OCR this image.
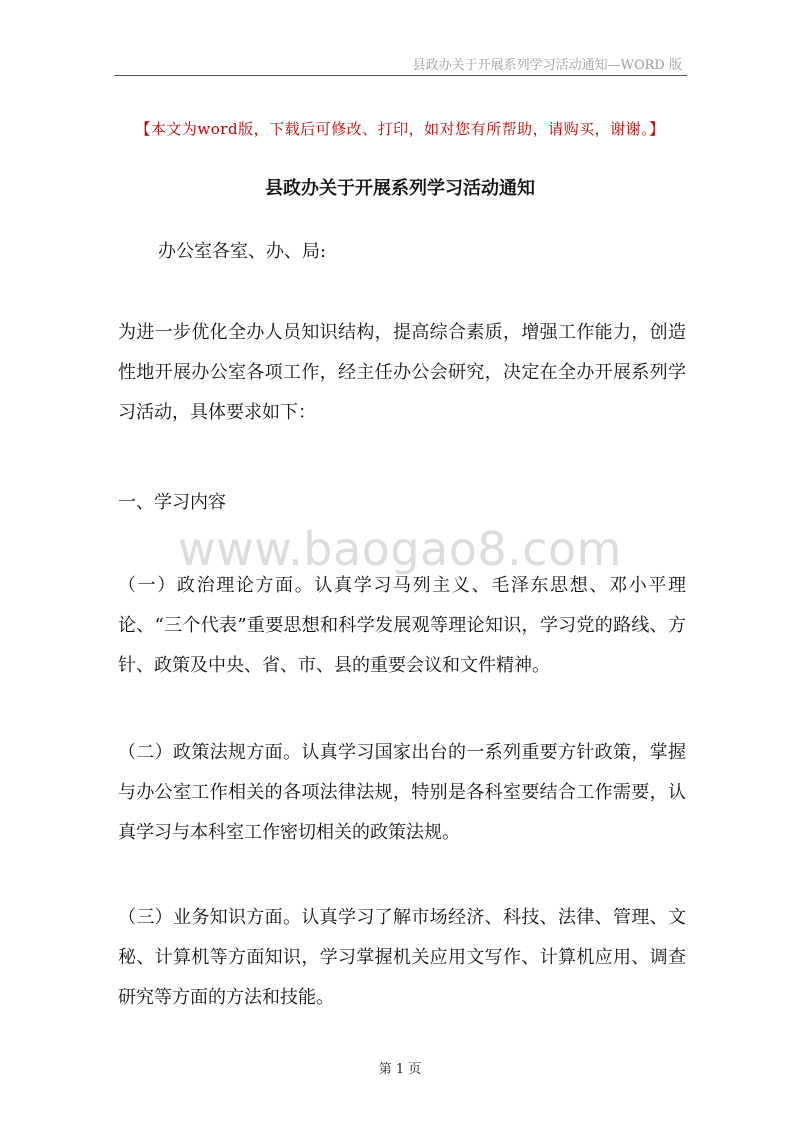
县政办关于开展系列学习活动通知—WORD 版
【本文为word版，下载后可修改、打印，如对您有所帮助，请购买，谢谢。】
县政办关于开展系列学习活动通知

办公室各室、办、局:

为进一步优化全办人员知识结构，提高综合素质，增强工作能力，创造性地开展办公室各项工作，经主任办公会研究，决定在全办开展系列学习活动，具体要求如下：

一、学习内容

www.baogao8.com

（一）政治理论方面。认真学习马列主义、毛泽东思想、邓小平理论、“三个代表”重要思想和科学发展观等理论知识，学习党的路线、方针、政策及中央、省、市、县的重要会议和文件精神。

（二）政策法规方面。认真学习国家出台的一系列重要方针政策，掌握与办公室工作相关的各项法律法规，特别是各科室要结合工作需要，认真学习与本科室工作密切相关的政策法规。

（三）业务知识方面。认真学习了解市场经济、科技、法律、管理、文秘、计算机等方面知识，学习掌握机关应用文写作、计算机应用、调查研究等方面的方法和技能。

第 1 页
